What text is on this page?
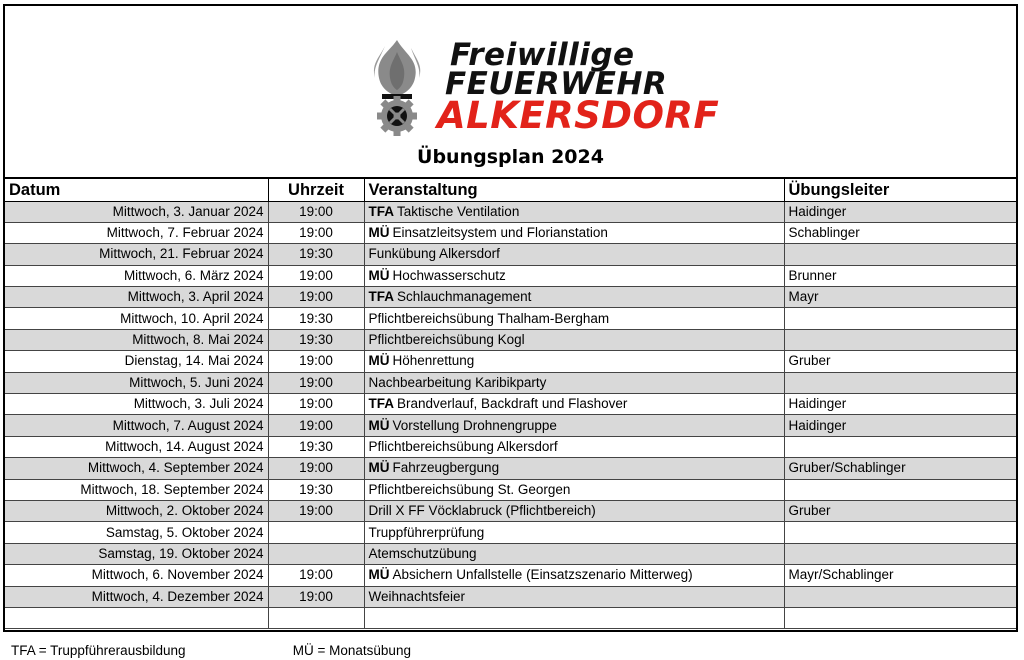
Freiwillige
FEUERWEHR
ALKERSDORF
Übungsplan 2024
Datum	Uhrzeit	Veranstaltung	Übungsleiter
Mittwoch, 3. Januar 2024	19:00	TFA Taktische Ventilation	Haidinger
Mittwoch, 7. Februar 2024	19:00	MÜ Einsatzleitsystem und Florianstation	Schablinger
Mittwoch, 21. Februar 2024	19:30	Funkübung Alkersdorf	
Mittwoch, 6. März 2024	19:00	MÜ Hochwasserschutz	Brunner
Mittwoch, 3. April 2024	19:00	TFA Schlauchmanagement	Mayr
Mittwoch, 10. April 2024	19:30	Pflichtbereichsübung Thalham-Bergham	
Mittwoch, 8. Mai 2024	19:30	Pflichtbereichsübung Kogl	
Dienstag, 14. Mai 2024	19:00	MÜ Höhenrettung	Gruber
Mittwoch, 5. Juni 2024	19:00	Nachbearbeitung Karibikparty	
Mittwoch, 3. Juli 2024	19:00	TFA Brandverlauf, Backdraft und Flashover	Haidinger
Mittwoch, 7. August 2024	19:00	MÜ Vorstellung Drohnengruppe	Haidinger
Mittwoch, 14. August 2024	19:30	Pflichtbereichsübung Alkersdorf	
Mittwoch, 4. September 2024	19:00	MÜ Fahrzeugbergung	Gruber/Schablinger
Mittwoch, 18. September 2024	19:30	Pflichtbereichsübung St. Georgen	
Mittwoch, 2. Oktober 2024	19:00	Drill X FF Vöcklabruck (Pflichtbereich)	Gruber
Samstag, 5. Oktober 2024		Truppführerprüfung	
Samstag, 19. Oktober 2024		Atemschutzübung	
Mittwoch, 6. November 2024	19:00	MÜ Absichern Unfallstelle (Einsatzszenario Mitterweg)	Mayr/Schablinger
Mittwoch, 4. Dezember 2024	19:00	Weihnachtsfeier	

TFA = Truppführerausbildung	MÜ = Monatsübung
